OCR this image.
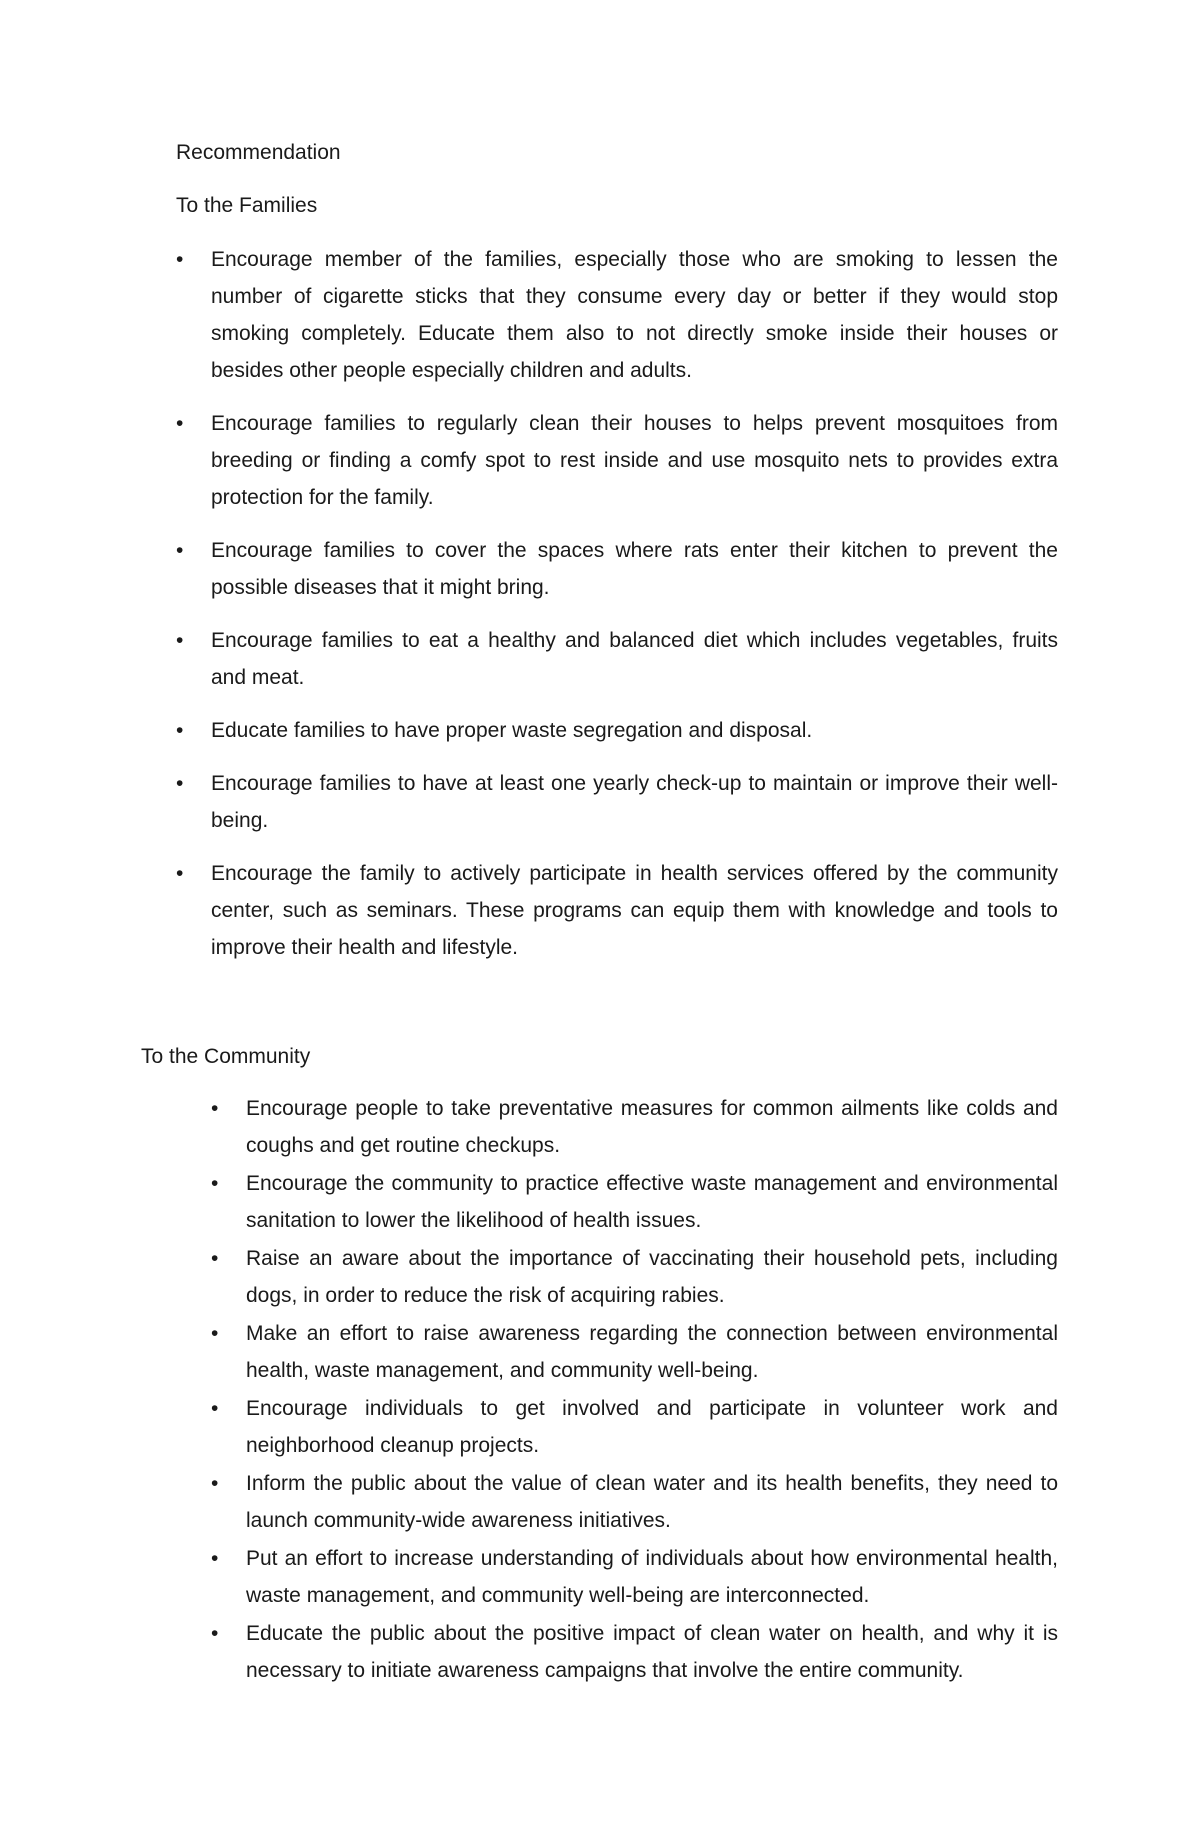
Recommendation
To the Families
• Encourage member of the families, especially those who are smoking to lessen the number of cigarette sticks that they consume every day or better if they would stop smoking completely. Educate them also to not directly smoke inside their houses or besides other people especially children and adults.
• Encourage families to regularly clean their houses to helps prevent mosquitoes from breeding or finding a comfy spot to rest inside and use mosquito nets to provides extra protection for the family.
• Encourage families to cover the spaces where rats enter their kitchen to prevent the possible diseases that it might bring.
• Encourage families to eat a healthy and balanced diet which includes vegetables, fruits and meat.
• Educate families to have proper waste segregation and disposal.
• Encourage families to have at least one yearly check-up to maintain or improve their well-being.
• Encourage the family to actively participate in health services offered by the community center, such as seminars. These programs can equip them with knowledge and tools to improve their health and lifestyle.
To the Community
• Encourage people to take preventative measures for common ailments like colds and coughs and get routine checkups.
• Encourage the community to practice effective waste management and environmental sanitation to lower the likelihood of health issues.
• Raise an aware about the importance of vaccinating their household pets, including dogs, in order to reduce the risk of acquiring rabies.
• Make an effort to raise awareness regarding the connection between environmental health, waste management, and community well-being.
• Encourage individuals to get involved and participate in volunteer work and neighborhood cleanup projects.
• Inform the public about the value of clean water and its health benefits, they need to launch community-wide awareness initiatives.
• Put an effort to increase understanding of individuals about how environmental health, waste management, and community well-being are interconnected.
• Educate the public about the positive impact of clean water on health, and why it is necessary to initiate awareness campaigns that involve the entire community.
